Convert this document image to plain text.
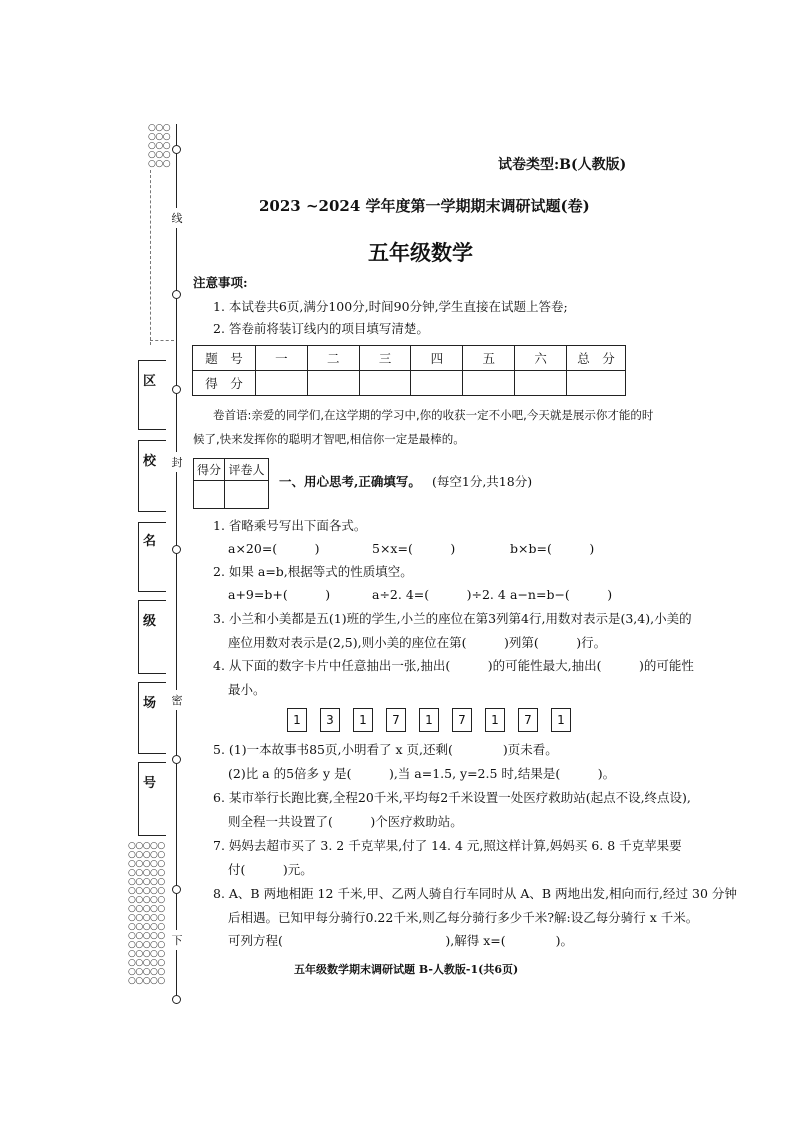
○○○
○○○
○○○
○○○
○○○
线
封
密
下
区
校
名
级
场
号
○○○○○
○○○○○
○○○○○
○○○○○
○○○○○
○○○○○
○○○○○
○○○○○
○○○○○
○○○○○
○○○○○
○○○○○
○○○○○
○○○○○
○○○○○
○○○○○
试卷类型:B(人教版)
2023 ~2024 学年度第一学期期末调研试题(卷)
五年级数学
注意事项:
1. 本试卷共6页,满分100分,时间90分钟,学生直接在试题上答卷;
2. 答卷前将装订线内的项目填写清楚。
题　号	一	二	三	四	五	六	总　分
得　分							
卷首语:亲爱的同学们,在这学期的学习中,你的收获一定不小吧,今天就是展示你才能的时
候了,快来发挥你的聪明才智吧,相信你一定是最棒的。
得分	评卷人

一、用心思考,正确填写。 (每空1分,共18分)
1. 省略乘号写出下面各式。
a×20=(　　　)	5×x=(　　　)	b×b=(　　　)
2. 如果 a=b,根据等式的性质填空。
a+9=b+(　　　)	a÷2. 4=(　　　)÷2. 4 a−n=b−(　　　)
3. 小兰和小美都是五(1)班的学生,小兰的座位在第3列第4行,用数对表示是(3,4),小美的
座位用数对表示是(2,5),则小美的座位在第(　　　)列第(　　　)行。
4. 从下面的数字卡片中任意抽出一张,抽出(　　　)的可能性最大,抽出(　　　)的可能性
最小。
1	3	1	7	1	7	1	7	1
5. (1)一本故事书85页,小明看了 x 页,还剩(　　　　)页未看。
(2)比 a 的5倍多 y 是(　　　),当 a=1.5, y=2.5 时,结果是(　　　)。
6. 某市举行长跑比赛,全程20千米,平均每2千米设置一处医疗救助站(起点不设,终点设),
则全程一共设置了(　　　)个医疗救助站。
7. 妈妈去超市买了 3. 2 千克苹果,付了 14. 4 元,照这样计算,妈妈买 6. 8 千克苹果要
付(　　　)元。
8. A、B 两地相距 12 千米,甲、乙两人骑自行车同时从 A、B 两地出发,相向而行,经过 30 分钟
后相遇。已知甲每分骑行0.22千米,则乙每分骑行多少千米?解:设乙每分骑行 x 千米。
可列方程(　　　　　　　　　　　　　),解得 x=(　　　　)。
五年级数学期末调研试题 B-人教版-1(共6页)
